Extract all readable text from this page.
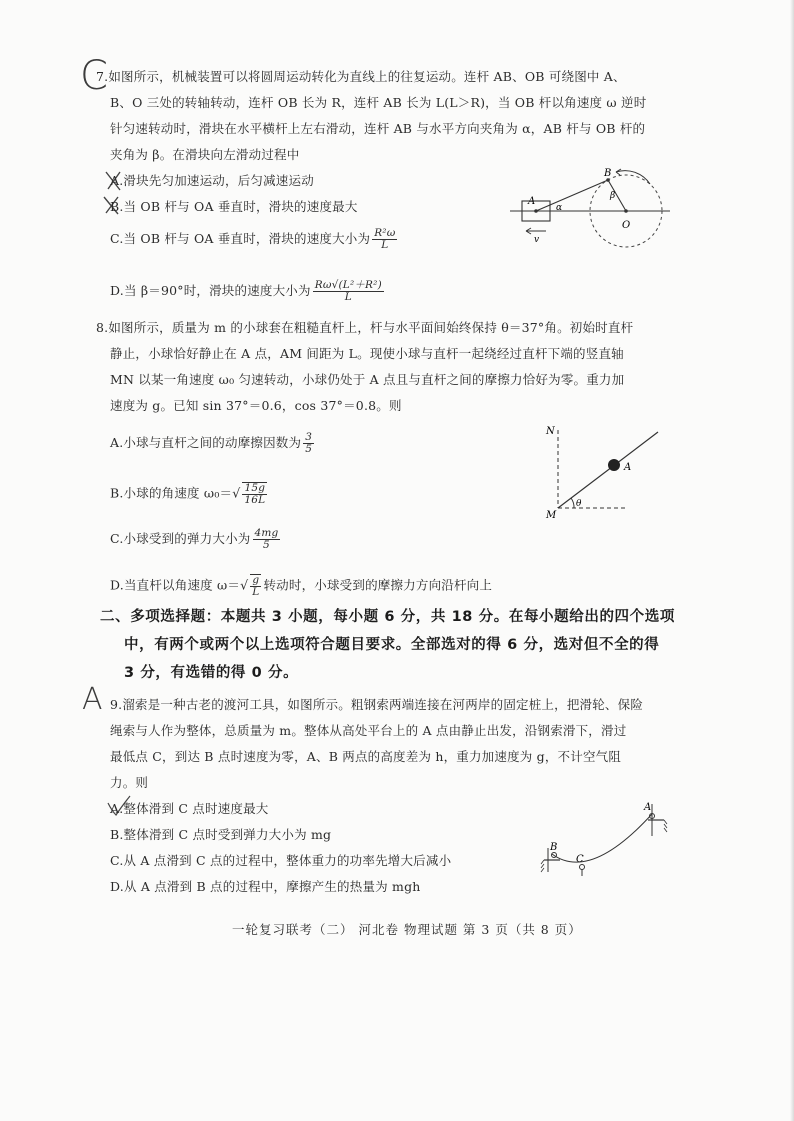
C
A
7.如图所示，机械装置可以将圆周运动转化为直线上的往复运动。连杆 AB、OB 可绕图中 A、
B、O 三处的转轴转动，连杆 OB 长为 R，连杆 AB 长为 L(L＞R)，当 OB 杆以角速度 ω 逆时
针匀速转动时，滑块在水平横杆上左右滑动，连杆 AB 与水平方向夹角为 α，AB 杆与 OB 杆的
夹角为 β。在滑块向左滑动过程中
A.滑块先匀加速运动，后匀减速运动
B.当 OB 杆与 OA 垂直时，滑块的速度最大
C.当 OB 杆与 OA 垂直时，滑块的速度大小为 $\frac{\text{R²ω}}{L}$
D.当 β＝90°时，滑块的速度大小为 $\frac{\text{Rω√(L²＋R²)}}{L}$
A
B
O
α
β
v
8.如图所示，质量为 m 的小球套在粗糙直杆上，杆与水平面间始终保持 θ＝37°角。初始时直杆
静止，小球恰好静止在 A 点，AM 间距为 L。现使小球与直杆一起绕经过直杆下端的竖直轴
MN 以某一角速度 ω₀ 匀速转动，小球仍处于 A 点且与直杆之间的摩擦力恰好为零。重力加
速度为 g。已知 sin 37°＝0.6，cos 37°＝0.8。则
A.小球与直杆之间的动摩擦因数为 $\frac{3}{5}$
B.小球的角速度 $\omega_0=√ \frac{15g}{16L}$
C.小球受到的弹力大小为 $\frac{4mg}{5}$
D.当直杆以角速度 $\omega=√ \frac{g}{L}$ 转动时，小球受到的摩擦力方向沿杆向上
N
M
A
θ
二、多项选择题：本题共 3 小题，每小题 6 分，共 18 分。在每小题给出的四个选项
中，有两个或两个以上选项符合题目要求。全部选对的得 6 分，选对但不全的得
3 分，有选错的得 0 分。
9.溜索是一种古老的渡河工具，如图所示。粗钢索两端连接在河两岸的固定桩上，把滑轮、保险
绳索与人作为整体，总质量为 m。整体从高处平台上的 A 点由静止出发，沿钢索滑下，滑过
最低点 C，到达 B 点时速度为零，A、B 两点的高度差为 h，重力加速度为 g，不计空气阻
力。则
A.整体滑到 C 点时速度最大
B.整体滑到 C 点时受到弹力大小为 mg
C.从 A 点滑到 C 点的过程中，整体重力的功率先增大后减小
D.从 A 点滑到 B 点的过程中，摩擦产生的热量为 mgh
A
B
C
一轮复习联考（二） 河北卷 物理试题 第 3 页（共 8 页）
